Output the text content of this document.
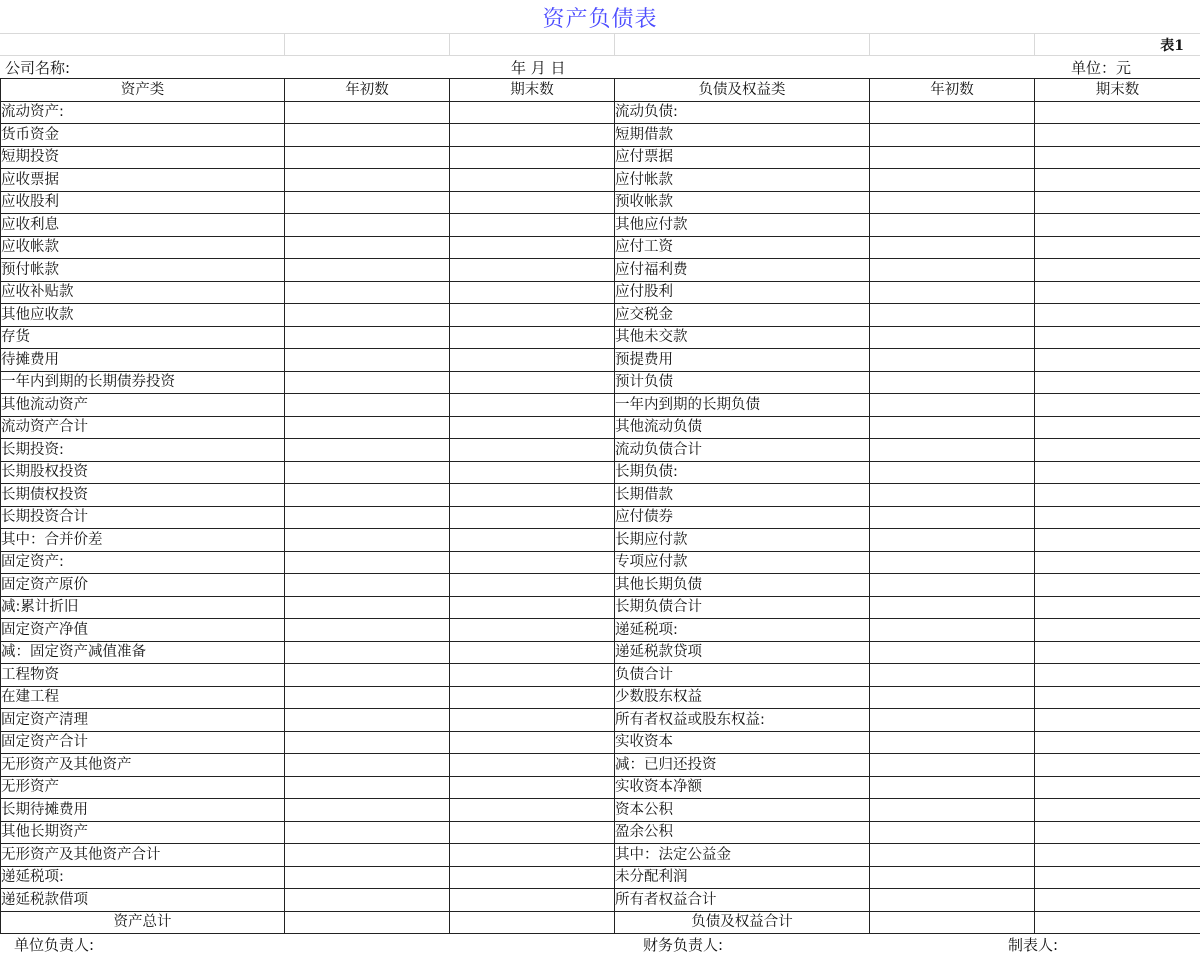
资产负债表
表1
公司名称:	年 月 日	单位：元
资产类	年初数	期末数	负债及权益类	年初数	期末数
流动资产:			流动负债:		
货币资金			短期借款		
短期投资			应付票据		
应收票据			应付帐款		
应收股利			预收帐款		
应收利息			其他应付款		
应收帐款			应付工资		
预付帐款			应付福利费		
应收补贴款			应付股利		
其他应收款			应交税金		
存货			其他未交款		
待摊费用			预提费用		
一年内到期的长期债券投资			预计负债		
其他流动资产			一年内到期的长期负债		
流动资产合计			其他流动负债		
长期投资:			流动负债合计		
长期股权投资			长期负债:		
长期债权投资			长期借款		
长期投资合计			应付债券		
其中：合并价差			长期应付款		
固定资产:			专项应付款		
固定资产原价			其他长期负债		
减:累计折旧			长期负债合计		
固定资产净值			递延税项:		
减：固定资产减值准备			递延税款贷项		
工程物资			负债合计		
在建工程			少数股东权益		
固定资产清理			所有者权益或股东权益:		
固定资产合计			实收资本		
无形资产及其他资产			减：已归还投资		
无形资产			实收资本净额		
长期待摊费用			资本公积		
其他长期资产			盈余公积		
无形资产及其他资产合计			其中：法定公益金		
递延税项:			未分配利润		
递延税款借项			所有者权益合计		
资产总计			负债及权益合计		
单位负责人:	财务负责人:	制表人:
